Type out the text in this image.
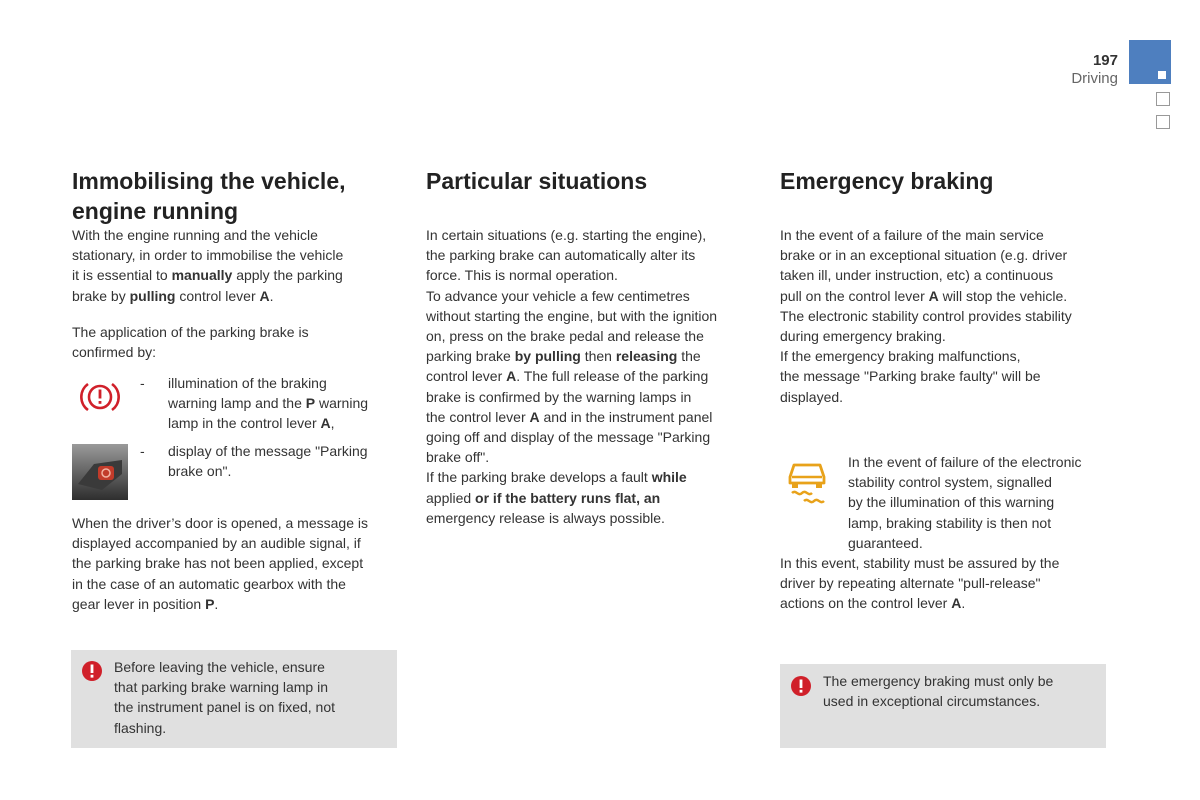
197
Driving
Immobilising the vehicle,
engine running

With the engine running and the vehicle
stationary, in order to immobilise the vehicle
it is essential to manually apply the parking
brake by pulling control lever A.

The application of the parking brake is
confirmed by:

- illumination of the braking
warning lamp and the P warning
lamp in the control lever A,
- display of the message "Parking
brake on".

When the driver’s door is opened, a message is
displayed accompanied by an audible signal, if
the parking brake has not been applied, except
in the case of an automatic gearbox with the
gear lever in position P.

Before leaving the vehicle, ensure
that parking brake warning lamp in
the instrument panel is on fixed, not
flashing.
Particular situations

In certain situations (e.g. starting the engine),
the parking brake can automatically alter its
force. This is normal operation.
To advance your vehicle a few centimetres
without starting the engine, but with the ignition
on, press on the brake pedal and release the
parking brake by pulling then releasing the
control lever A. The full release of the parking
brake is confirmed by the warning lamps in
the control lever A and in the instrument panel
going off and display of the message "Parking
brake off".
If the parking brake develops a fault while
applied or if the battery runs flat, an
emergency release is always possible.

Emergency braking

In the event of a failure of the main service
brake or in an exceptional situation (e.g. driver
taken ill, under instruction, etc) a continuous
pull on the control lever A will stop the vehicle.
The electronic stability control provides stability
during emergency braking.
If the emergency braking malfunctions,
the message "Parking brake faulty" will be
displayed.

In the event of failure of the electronic
stability control system, signalled
by the illumination of this warning
lamp, braking stability is then not
guaranteed.

In this event, stability must be assured by the
driver by repeating alternate "pull-release"
actions on the control lever A.

The emergency braking must only be
used in exceptional circumstances.
